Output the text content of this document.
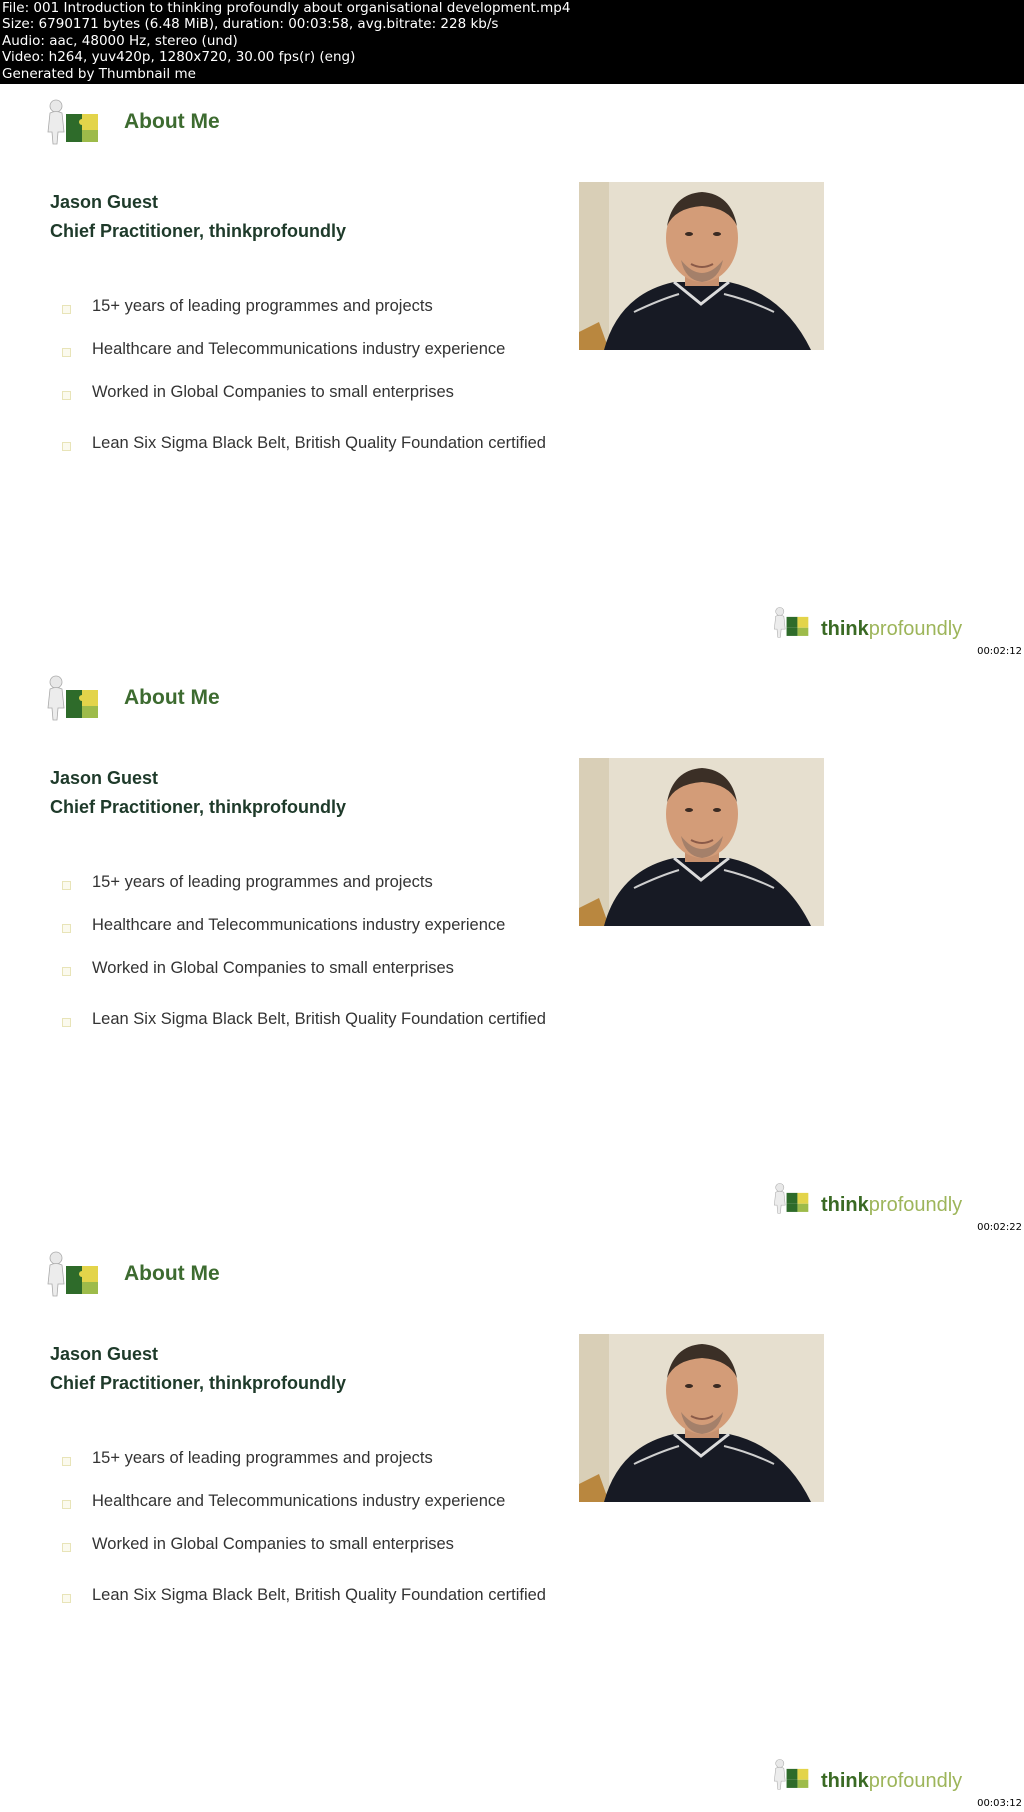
File: 001 Introduction to thinking profoundly about organisational development.mp4
Size: 6790171 bytes (6.48 MiB), duration: 00:03:58, avg.bitrate: 228 kb/s
Audio: aac, 48000 Hz, stereo (und)
Video: h264, yuv420p, 1280x720, 30.00 fps(r) (eng)
Generated by Thumbnail me
About Me
Jason Guest
Chief Practitioner, thinkprofoundly
15+ years of leading programmes and projects
Healthcare and Telecommunications industry experience
Worked in Global Companies to small enterprises
Lean Six Sigma Black Belt, British Quality Foundation certified
thinkprofoundly
00:02:12
About Me
Jason Guest
Chief Practitioner, thinkprofoundly
15+ years of leading programmes and projects
Healthcare and Telecommunications industry experience
Worked in Global Companies to small enterprises
Lean Six Sigma Black Belt, British Quality Foundation certified
thinkprofoundly
00:02:22
About Me
Jason Guest
Chief Practitioner, thinkprofoundly
15+ years of leading programmes and projects
Healthcare and Telecommunications industry experience
Worked in Global Companies to small enterprises
Lean Six Sigma Black Belt, British Quality Foundation certified
thinkprofoundly
00:03:12
